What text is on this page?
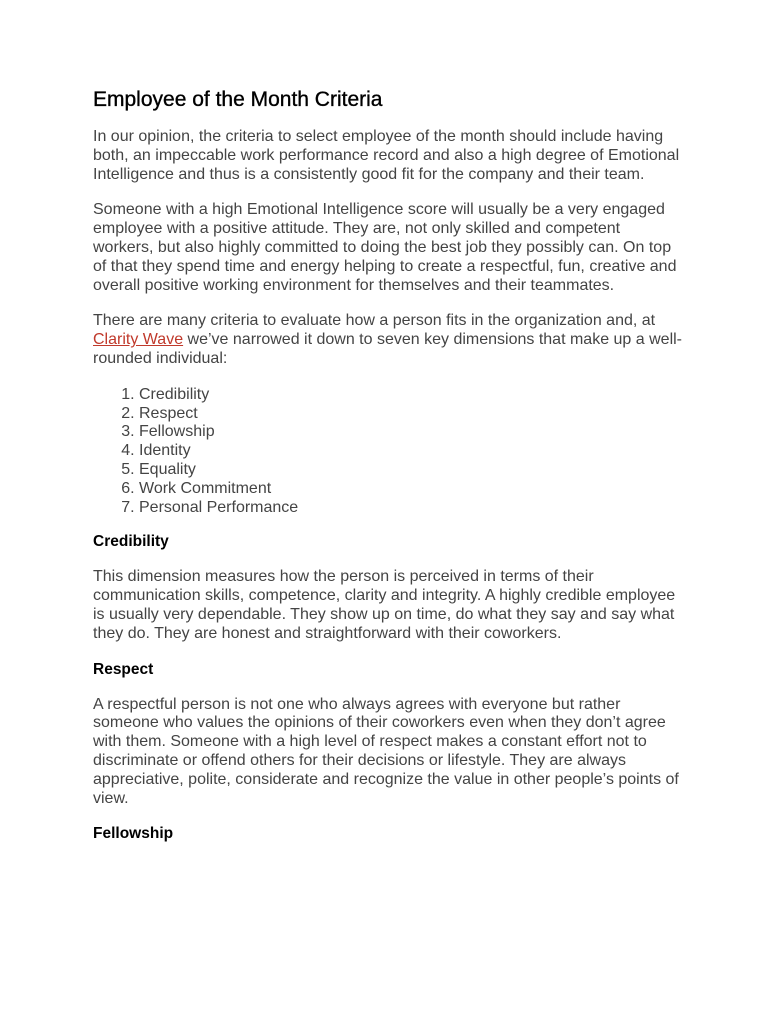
Employee of the Month Criteria

In our opinion, the criteria to select employee of the month should include having both, an impeccable work performance record and also a high degree of Emotional Intelligence and thus is a consistently good fit for the company and their team.

Someone with a high Emotional Intelligence score will usually be a very engaged employee with a positive attitude. They are, not only skilled and competent workers, but also highly committed to doing the best job they possibly can. On top of that they spend time and energy helping to create a respectful, fun, creative and overall positive working environment for themselves and their teammates.

There are many criteria to evaluate how a person fits in the organization and, at Clarity Wave we’ve narrowed it down to seven key dimensions that make up a well-rounded individual:

1. Credibility
2. Respect
3. Fellowship
4. Identity
5. Equality
6. Work Commitment
7. Personal Performance
Credibility

This dimension measures how the person is perceived in terms of their communication skills, competence, clarity and integrity. A highly credible employee is usually very dependable. They show up on time, do what they say and say what they do. They are honest and straightforward with their coworkers.

Respect

A respectful person is not one who always agrees with everyone but rather someone who values the opinions of their coworkers even when they don’t agree with them. Someone with a high level of respect makes a constant effort not to discriminate or offend others for their decisions or lifestyle. They are always appreciative, polite, considerate and recognize the value in other people’s points of view.

Fellowship
